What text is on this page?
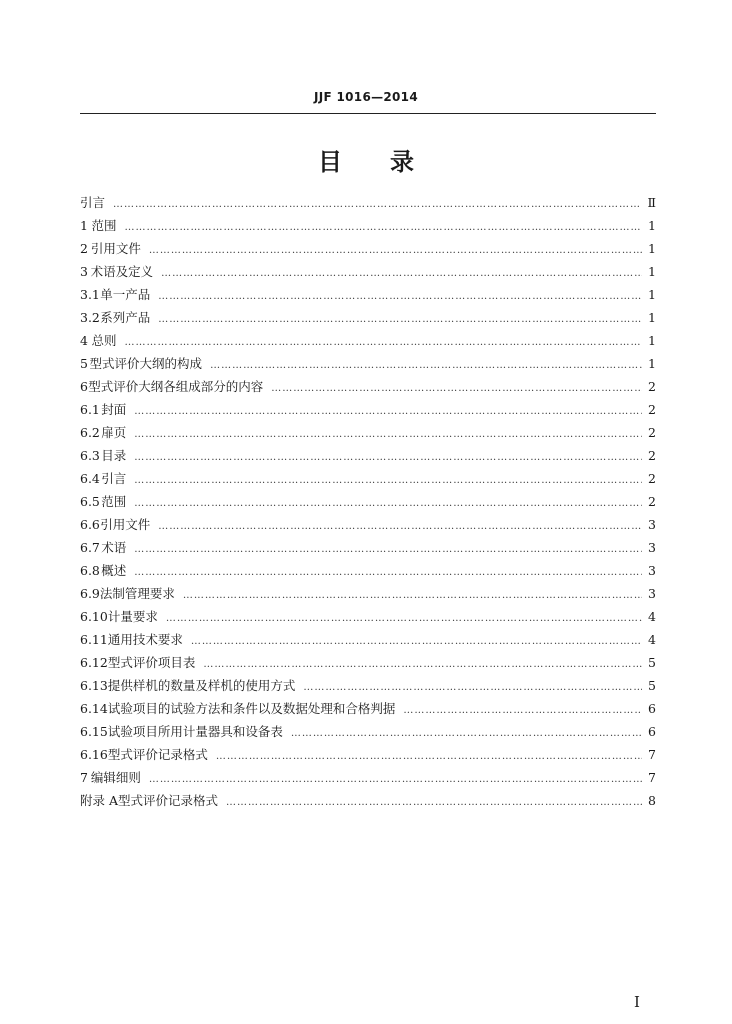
JJF 1016—2014
目　　录
引言 ……………………………………………………………………………………………………………………………………………………………………………………………………	Ⅱ
1 范围 ……………………………………………………………………………………………………………………………………………………………………………………………………	1
2 引用文件 ……………………………………………………………………………………………………………………………………………………………………………………………………	1
3 术语及定义 ……………………………………………………………………………………………………………………………………………………………………………………………………	1
3.1 单一产品 ……………………………………………………………………………………………………………………………………………………………………………………………………	1
3.2 系列产品 ……………………………………………………………………………………………………………………………………………………………………………………………………	1
4 总则 ……………………………………………………………………………………………………………………………………………………………………………………………………	1
5 型式评价大纲的构成 ……………………………………………………………………………………………………………………………………………………………………………………………………	1
6 型式评价大纲各组成部分的内容 ……………………………………………………………………………………………………………………………………………………………………………………………………	2
6.1 封面 ……………………………………………………………………………………………………………………………………………………………………………………………………	2
6.2 扉页 ……………………………………………………………………………………………………………………………………………………………………………………………………	2
6.3 目录 ……………………………………………………………………………………………………………………………………………………………………………………………………	2
6.4 引言 ……………………………………………………………………………………………………………………………………………………………………………………………………	2
6.5 范围 ……………………………………………………………………………………………………………………………………………………………………………………………………	2
6.6 引用文件 ……………………………………………………………………………………………………………………………………………………………………………………………………	3
6.7 术语 ……………………………………………………………………………………………………………………………………………………………………………………………………	3
6.8 概述 ……………………………………………………………………………………………………………………………………………………………………………………………………	3
6.9 法制管理要求 ……………………………………………………………………………………………………………………………………………………………………………………………………	3
6.10 计量要求 ……………………………………………………………………………………………………………………………………………………………………………………………………	4
6.11 通用技术要求 ……………………………………………………………………………………………………………………………………………………………………………………………………	4
6.12 型式评价项目表 ……………………………………………………………………………………………………………………………………………………………………………………………………	5
6.13 提供样机的数量及样机的使用方式 ……………………………………………………………………………………………………………………………………………………………………………………………………	5
6.14 试验项目的试验方法和条件以及数据处理和合格判据 ……………………………………………………………………………………………………………………………………………………………………………………………………	6
6.15 试验项目所用计量器具和设备表 ……………………………………………………………………………………………………………………………………………………………………………………………………	6
6.16 型式评价记录格式 ……………………………………………………………………………………………………………………………………………………………………………………………………	7
7 编辑细则 ……………………………………………………………………………………………………………………………………………………………………………………………………	7
附录 A 型式评价记录格式 ……………………………………………………………………………………………………………………………………………………………………………………………………	8
I
